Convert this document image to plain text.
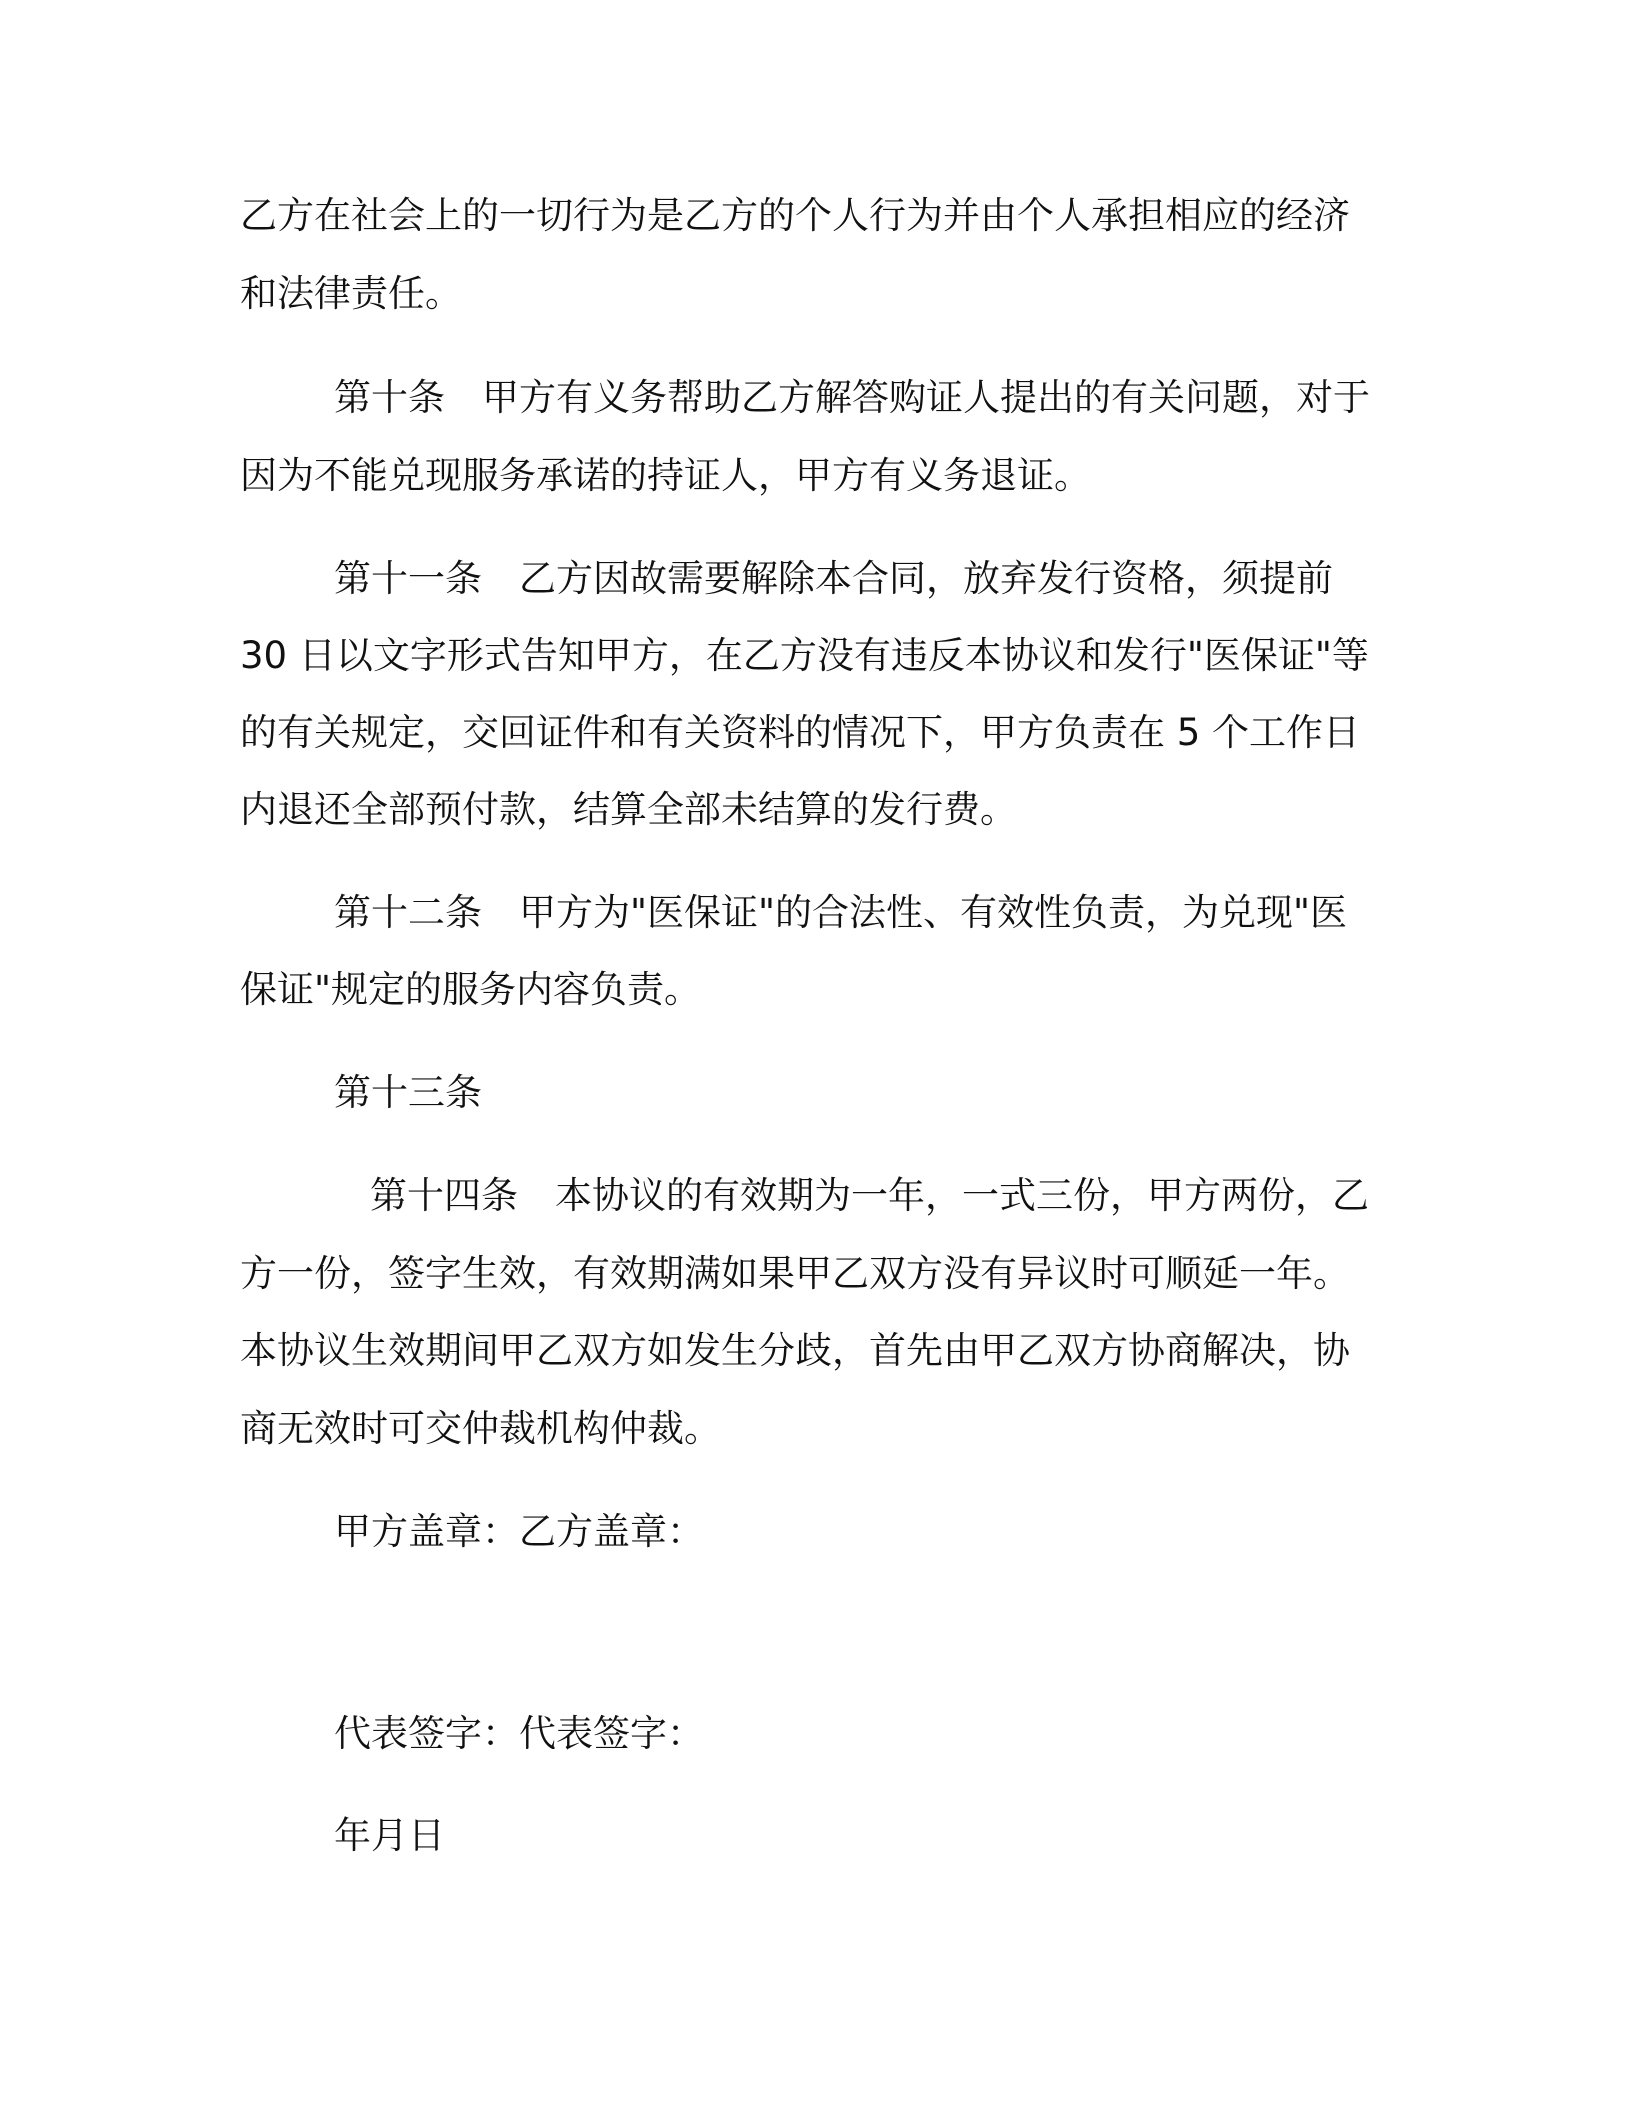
乙方在社会上的一切行为是乙方的个人行为并由个人承担相应的经济
和法律责任。
第十条　甲方有义务帮助乙方解答购证人提出的有关问题，对于
因为不能兑现服务承诺的持证人，甲方有义务退证。
第十一条　乙方因故需要解除本合同，放弃发行资格，须提前
30 日以文字形式告知甲方，在乙方没有违反本协议和发行"医保证"等
的有关规定，交回证件和有关资料的情况下，甲方负责在 5 个工作日
内退还全部预付款，结算全部未结算的发行费。
第十二条　甲方为"医保证"的合法性、有效性负责，为兑现"医
保证"规定的服务内容负责。
第十三条
第十四条　本协议的有效期为一年，一式三份，甲方两份，乙
方一份，签字生效，有效期满如果甲乙双方没有异议时可顺延一年。
本协议生效期间甲乙双方如发生分歧，首先由甲乙双方协商解决，协
商无效时可交仲裁机构仲裁。
甲方盖章：乙方盖章：
代表签字：代表签字：
年月日
